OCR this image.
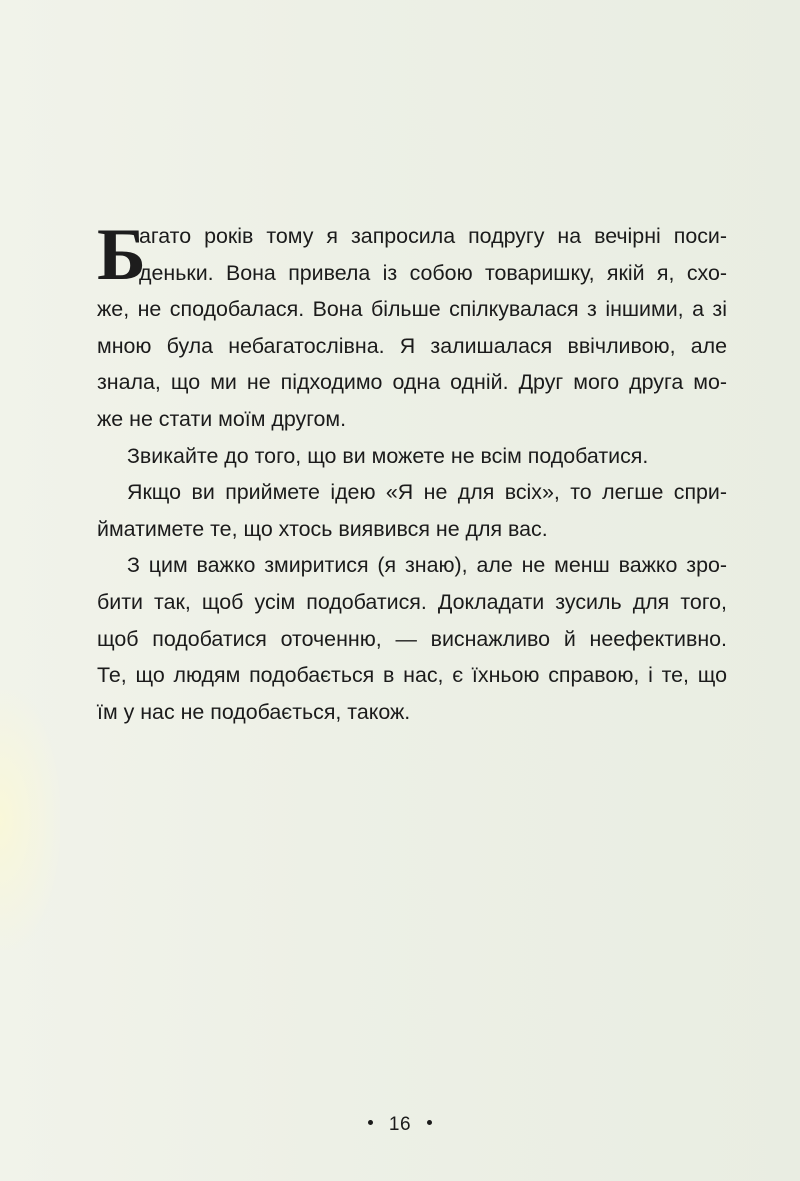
Б
агато років тому я запросила подругу на вечірні поси-
деньки. Вона привела із собою товаришку, якій я, схо-
же, не сподобалася. Вона більше спілкувалася з іншими, а зі
мною була небагатослівна. Я залишалася ввічливою, але
знала, що ми не підходимо одна одній. Друг мого друга мо-
же не стати моїм другом.
Звикайте до того, що ви можете не всім подобатися.
Якщо ви приймете ідею «Я не для всіх», то легше спри-
йматимете те, що хтось виявився не для вас.
З цим важко змиритися (я знаю), але не менш важко зро-
бити так, щоб усім подобатися. Докладати зусиль для того,
щоб подобатися оточенню, — виснажливо й неефективно.
Те, що людям подобається в нас, є їхньою справою, і те, що
їм у нас не подобається, також.
16
